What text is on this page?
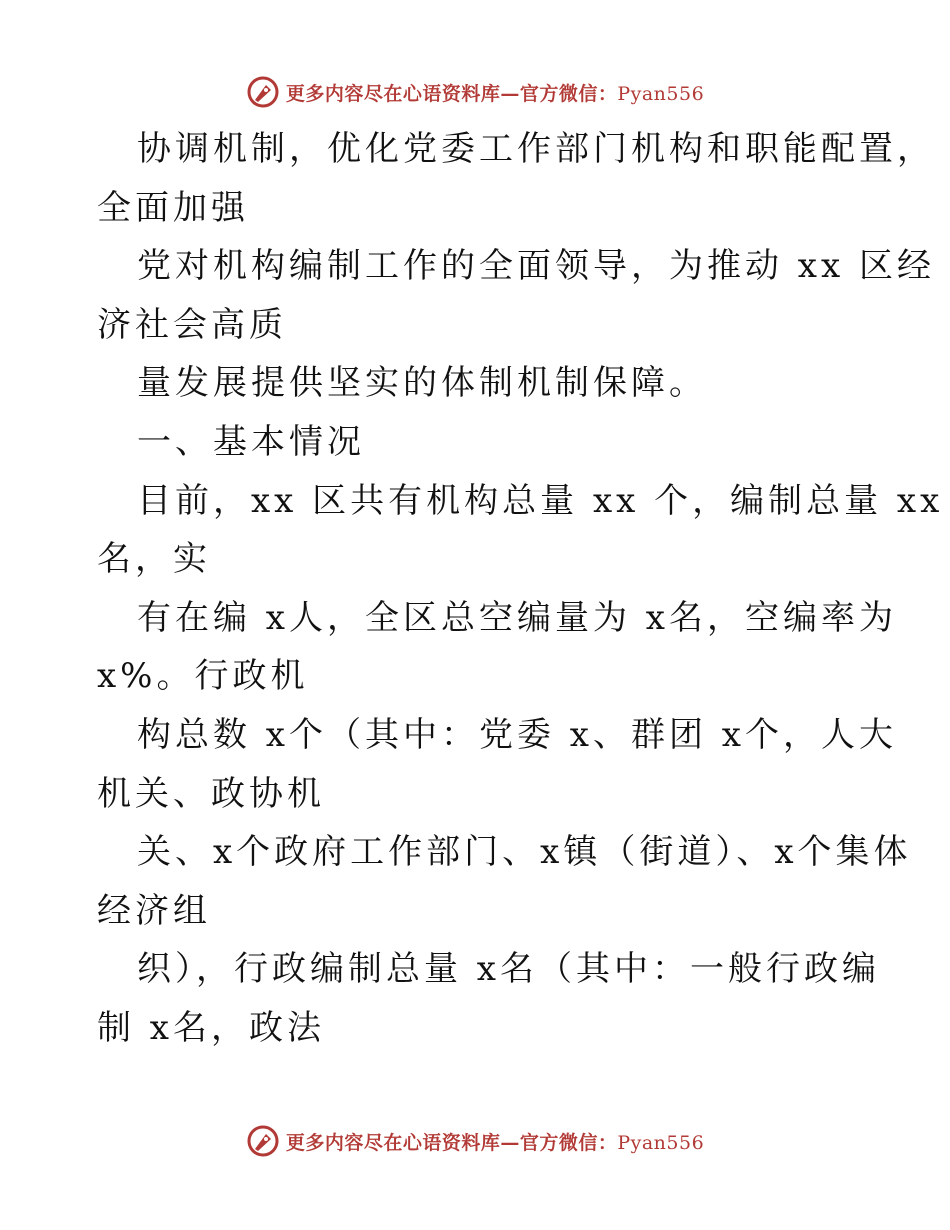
更多内容尽在心语资料库—官方微信：Pyan556
协调机制，优化党委工作部门机构和职能配置，
全面加强
党对机构编制工作的全面领导，为推动 xx 区经
济社会高质
量发展提供坚实的体制机制保障。
一、基本情况
目前，xx 区共有机构总量 xx 个，编制总量 xx
名，实
有在编 x人，全区总空编量为 x名，空编率为
x%。行政机
构总数 x个（其中：党委 x、群团 x个，人大
机关、政协机
关、x个政府工作部门、x镇（街道）、x个集体
经济组
织），行政编制总量 x名（其中：一般行政编
制 x名，政法
更多内容尽在心语资料库—官方微信：Pyan556
